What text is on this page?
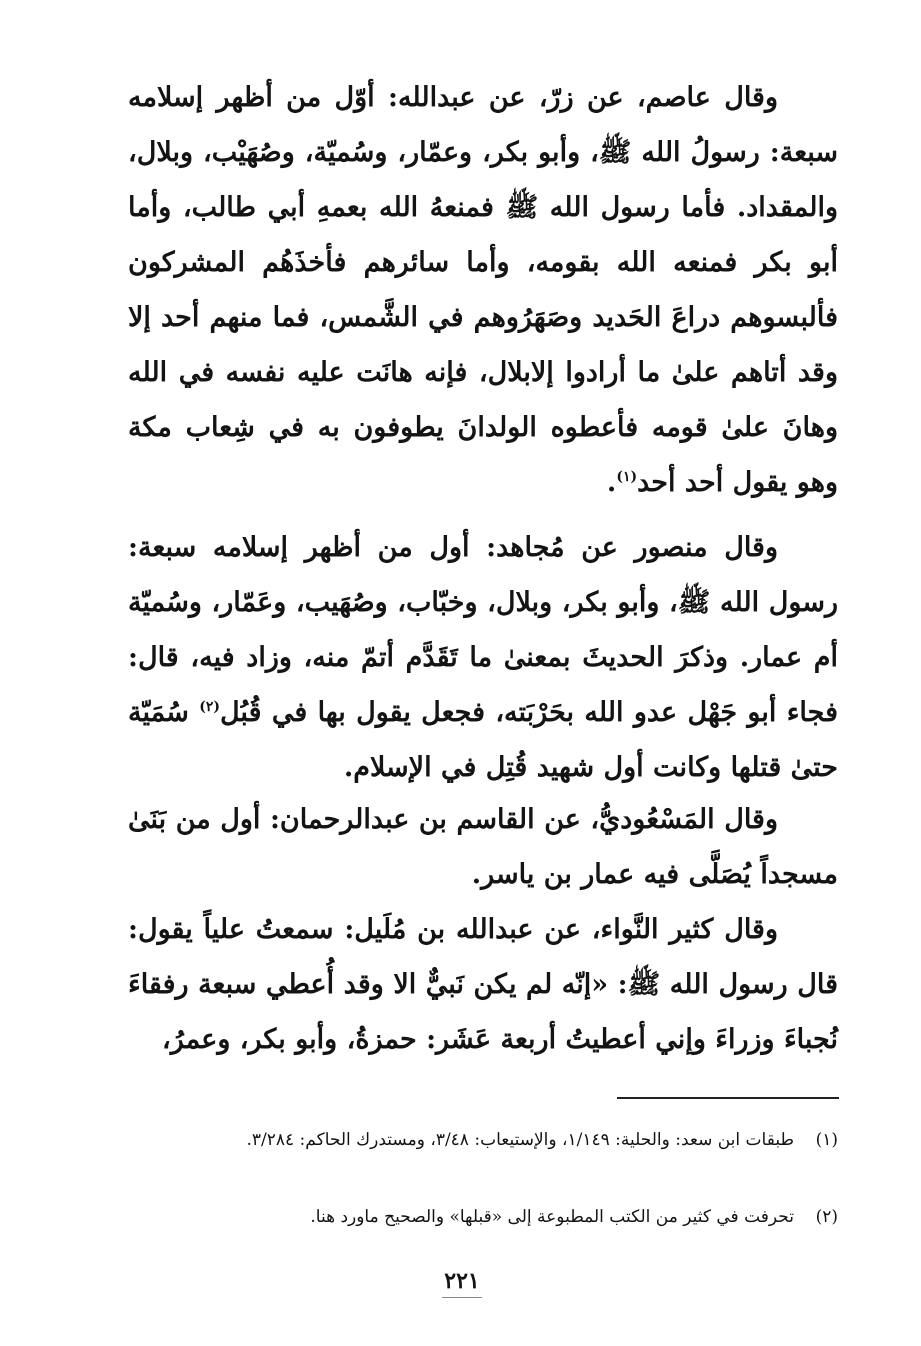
وقال عاصم، عن زرّ، عن عبدالله: أوّل من أظهر إسلامه سبعة: رسولُ الله ﷺ، وأبو بكر، وعمّار، وسُميّة، وصُهَيْب، وبلال، والمقداد. فأما رسول الله ﷺ فمنعهُ الله بعمهِ أبي طالب، وأما أبو بكر فمنعه الله بقومه، وأما سائرهم فأخذَهُم المشركون فألبسوهم دراعَ الحَديد وصَهَرُوهم في الشَّمس، فما منهم أحد إلا وقد أتاهم علىٰ ما أرادوا إلابلال، فإنه هانَت عليه نفسه في الله وهانَ علىٰ قومه فأعطوه الولدانَ يطوفون به في شِعاب مكة وهو يقول أحد أحد$^{(١)}$.

وقال منصور عن مُجاهد: أول من أظهر إسلامه سبعة: رسول الله ﷺ، وأبو بكر، وبلال، وخبّاب، وصُهَيب، وعَمّار، وسُميّة أم عمار. وذكرَ الحديثَ بمعنىٰ ما تَقَدَّم أتمّ منه، وزاد فيه، قال: فجاء أبو جَهْل عدو الله بحَرْبَته، فجعل يقول بها في قُبُل$^{(٢)}$ سُمَيّة حتىٰ قتلها وكانت أول شهيد قُتِل في الإسلام.

وقال المَسْعُوديُّ، عن القاسم بن عبدالرحمان: أول من بَنَىٰ مسجداً يُصَلَّى فيه عمار بن ياسر.

وقال كثير النَّواء، عن عبدالله بن مُلَيل: سمعتُ علياً يقول: قال رسول الله ﷺ: «إنّه لم يكن نَبيٌّ الا وقد أُعطي سبعة رفقاءَ نُجباءَ وزراءَ وإني أعطيتُ أربعة عَشَر: حمزةُ، وأبو بكر، وعمرُ،

(١)طبقات ابن سعد: والحلية: ١/١٤٩، والإستيعاب: ٣/٤٨، ومستدرك الحاكم: ٣/٢٨٤.

(٢)تحرفت في كثير من الكتب المطبوعة إلى «قبلها» والصحيح ماورد هنا.

٢٢١
